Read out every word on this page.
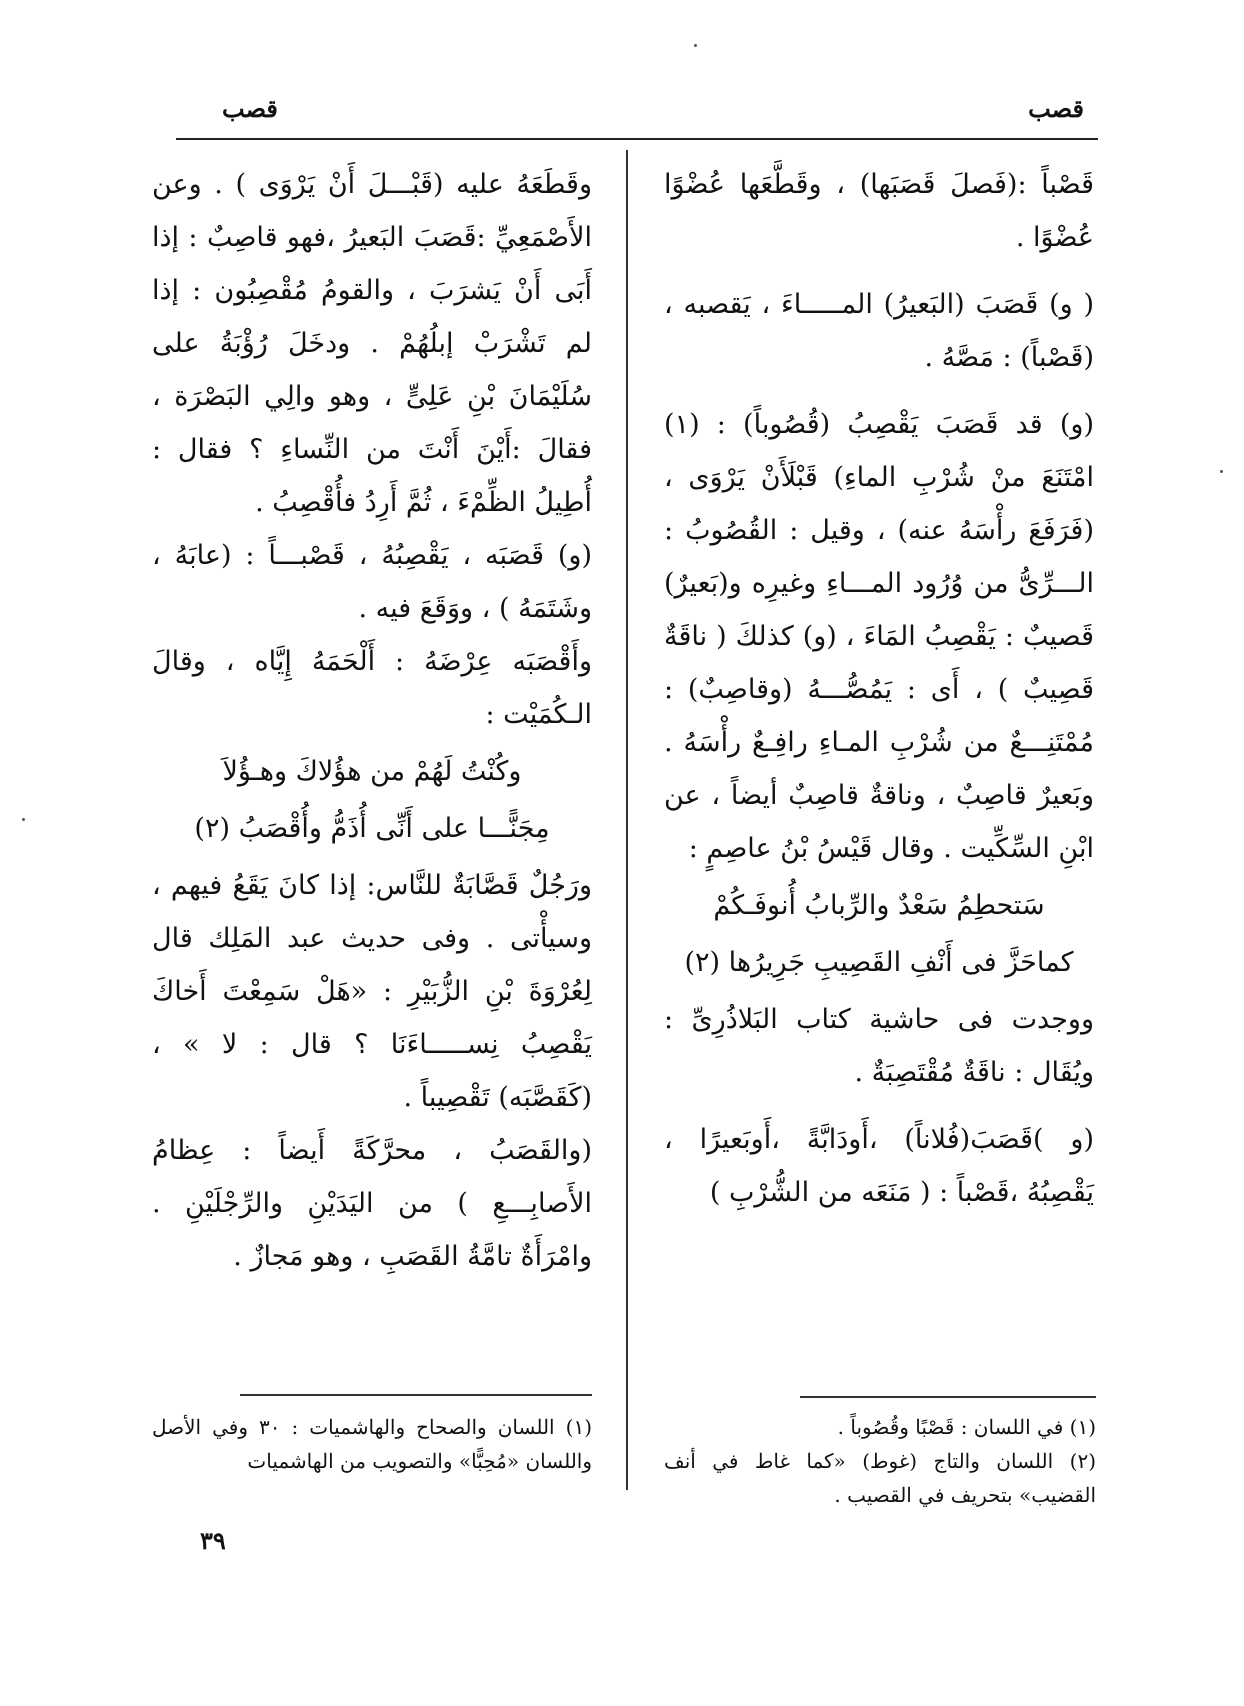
قصب
قصب

قَصْباً :(فَصلَ قَصَبَها) ، وقَطَّعَها عُضْوًا عُضْوًا .

( و) قَصَبَ (البَعيرُ) المـــــاءَ ، يَقصبه ، (قَصْباً) : مَصَّهُ .

(و) قد قَصَبَ يَقْصِبُ (قُصُوباً) : (١) امْتَنَعَ منْ شُرْبِ الماءِ) قَبْلَأَنْ يَرْوَى ، (فَرَفَعَ رأْسَهُ عنه) ، وقيل : القُصُوبُ : الـــرِّىُّ من وُرُود المـــاءِ وغيرِه و(بَعيرٌ) قَصيبٌ : يَقْصِبُ المَاءَ ، (و) كذلكَ ( ناقَةٌ قَصِيبٌ ) ، أَى : يَمُصُّـــهُ (وقاصِبٌ) : مُمْتَنِـــعٌ من شُرْبِ المـاءِ رافِـعٌ رأْسَهُ . وبَعيرٌ قاصِبٌ ، وناقةٌ قاصِبٌ أيضاً ، عن ابْنِ السِّكِّيت . وقال قَيْسُ بْنُ عاصِمٍ :

سَتحطِمُ سَعْدٌ والرِّبابُ أُنوفَـكُمْ
كماحَزَّ فى أَنْفِ القَصِيبِ جَرِيرُها (٢)

ووجدت فى حاشية كتاب البَلاذُرِىِّ : ويُقَال : ناقَةٌ مُقْتَصِبَةٌ .

(و )قَصَبَ(فُلاناً) ،أَودَابَّةً ،أَوبَعيرًا ، يَقْصِبُهُ ،قَصْباً : ( مَنَعَه من الشُّرْبِ )

وقَطَعَهُ عليه (قَبْـــلَ أَنْ يَرْوَى ) . وعن الأَصْمَعِيِّ :قَصَبَ البَعيرُ ،فهو قاصِبٌ : إذا أَبَى أَنْ يَشرَبَ ، والقومُ مُقْصِبُون : إذا لم تَشْرَبْ إبلُهُمْ . ودخَلَ رُؤْبَةُ على سُلَيْمَانَ بْنِ عَلِىٍّ ، وهو والِي البَصْرَة ، فقالَ :أَيْنَ أَنْتَ من النِّساءِ ؟ فقال : أُطِيلُ الظِّمْءَ ، ثُمَّ أَرِدُ فأُقْصِبُ .

(و) قَصَبَه ، يَقْصِبُهُ ، قَصْبـــاً : (عابَهُ ، وشَتَمَهُ ) ، ووَقَعَ فيه .

وأَقْصَبَه عِرْضَهُ : أَلْحَمَهُ إِيَّاه ، وقالَ الـكُمَيْت :

وكُنْتُ لَهُمْ من هؤُلاكَ وهـؤُلاَ
مِجَنًّـــا على أَنِّى أُذَمُّ وأُقْصَبُ (٢)

ورَجُلٌ قَصَّابَةٌ للنَّاس: إذا كانَ يَقَعُ فيهم ، وسيأْتى . وفى حديث عبد المَلِك قال لِعُرْوَةَ بْنِ الزُّبَيْرِ : «هَلْ سَمِعْتَ أَخاكَ يَقْصِبُ نِســـــاءَنَا ؟ قال : لا » ، (كَقَصَّبَه) تَقْصِيباً .

(والقَصَبُ ، محرَّكَةً أَيضاً : عِظامُ الأَصابِـــعِ ) من اليَدَيْنِ والرِّجْلَيْنِ . وامْرَأَةٌ تامَّةُ القَصَبِ ، وهو مَجازٌ .

(١) في اللسان : قَصْبًا وقُصُوباً .

(٢) اللسان والتاج (غوط) «كما غاط في أنف القضيب» بتحريف في القصيب .

(١) اللسان والصحاح والهاشميات : ٣٠ وفي الأصل واللسان «مُحِبًّا» والتصويب من الهاشميات

٣٩
